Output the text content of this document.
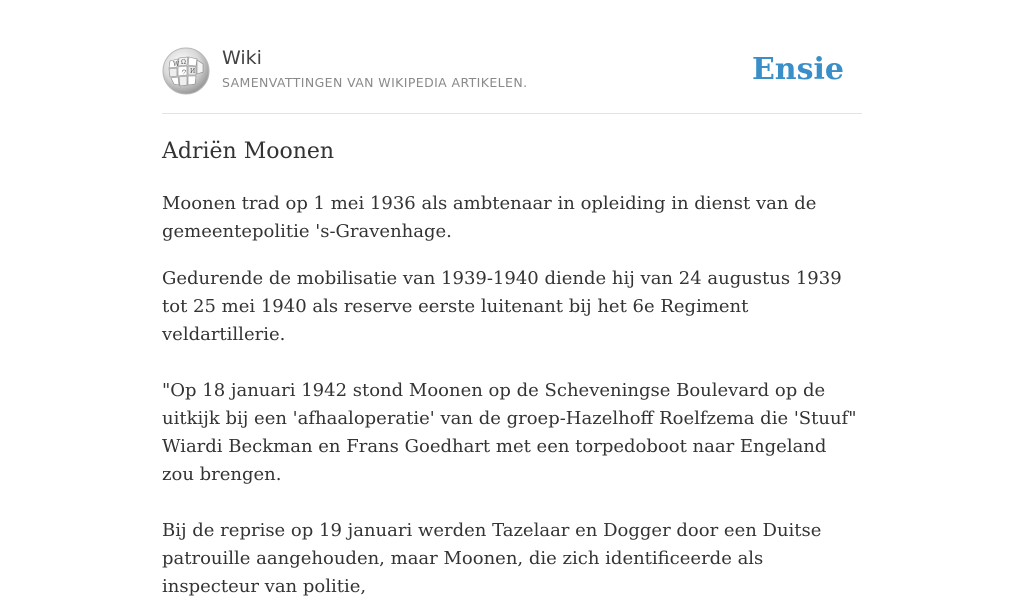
W Ω
И
ウ
Wiki
SAMENVATTINGEN VAN WIKIPEDIA ARTIKELEN.	Ensie
Adriën Moonen

Moonen trad op 1 mei 1936 als ambtenaar in opleiding in dienst van de gemeentepolitie 's-Gravenhage.

Gedurende de mobilisatie van 1939-1940 diende hij van 24 augustus 1939 tot 25 mei 1940 als reserve eerste luitenant bij het 6e Regiment veldartillerie.

"Op 18 januari 1942 stond Moonen op de Scheveningse Boulevard op de uitkijk bij een 'afhaaloperatie' van de groep-Hazelhoff Roelfzema die 'Stuuf" Wiardi Beckman en Frans Goedhart met een torpedoboot naar Engeland zou brengen.

Bij de reprise op 19 januari werden Tazelaar en Dogger door een Duitse patrouille aangehouden, maar Moonen, die zich identificeerde als inspecteur van politie,
